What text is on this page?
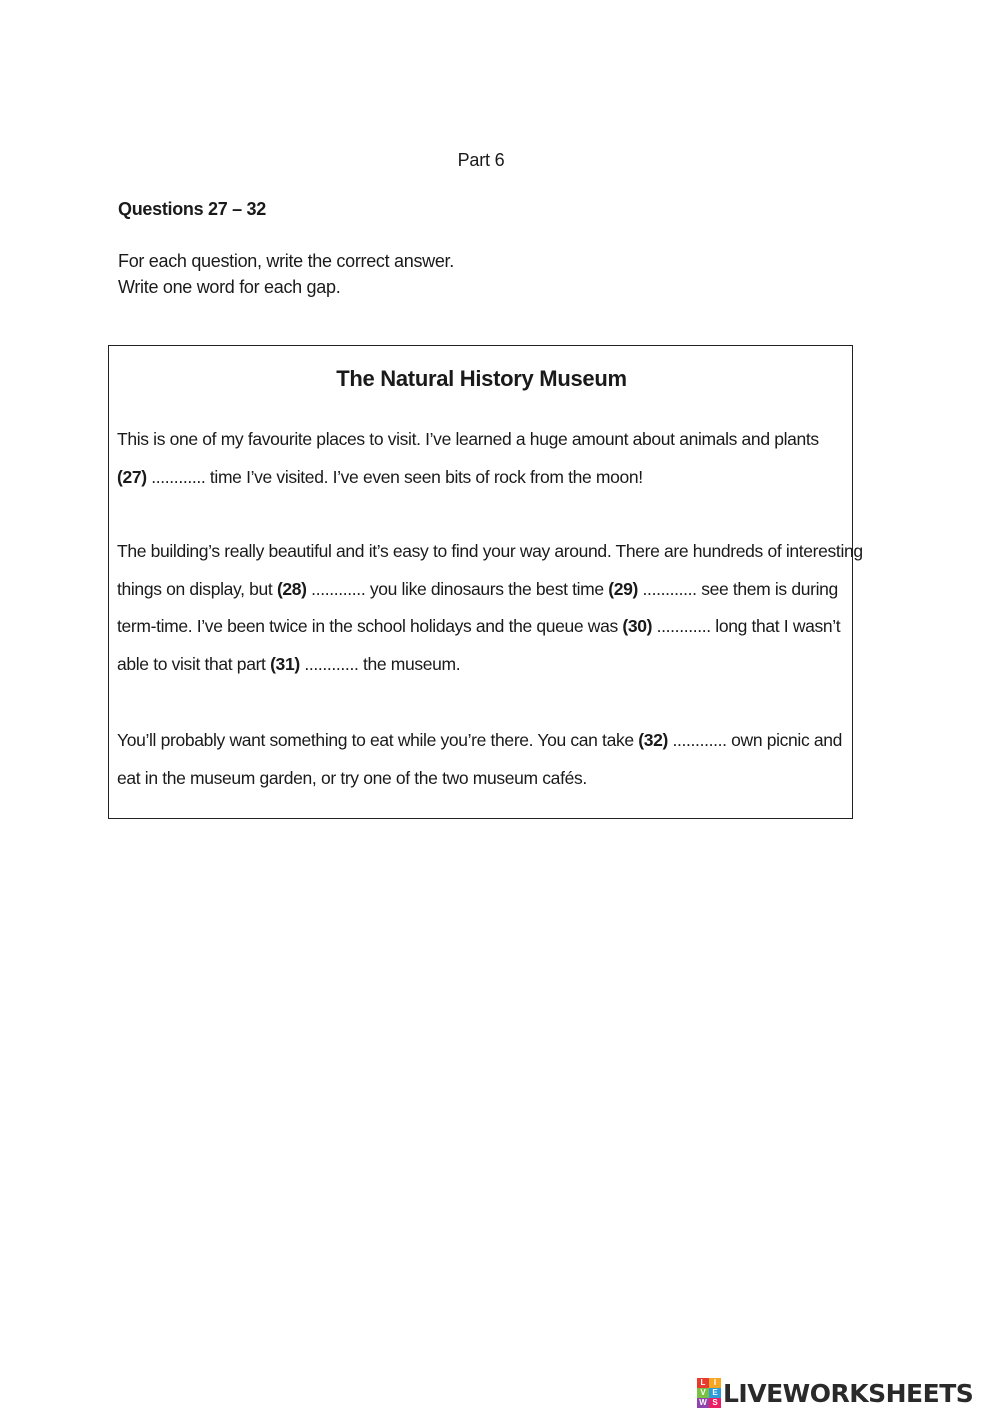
Part 6
Questions 27 – 32
For each question, write the correct answer.
Write one word for each gap.
The Natural History Museum
This is one of my favourite places to visit. I’ve learned a huge amount about animals and plants
(27) ............ time I’ve visited. I’ve even seen bits of rock from the moon!
The building’s really beautiful and it’s easy to find your way around. There are hundreds of interesting
things on display, but (28) ............ you like dinosaurs the best time (29) ............ see them is during
term-time. I’ve been twice in the school holidays and the queue was (30) ............ long that I wasn’t
able to visit that part (31) ............ the museum.
You’ll probably want something to eat while you’re there. You can take (32) ............ own picnic and
eat in the museum garden, or try one of the two museum cafés.
L	I
V E
W S LIVEWORKSHEETS
